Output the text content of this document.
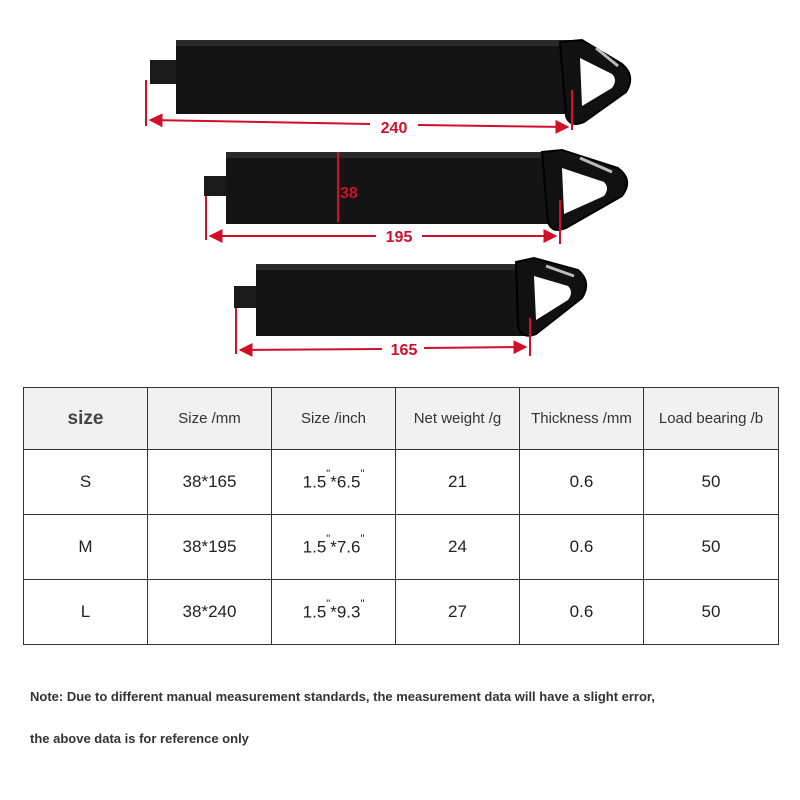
240
38
195
165
size	Size /mm	Size /inch	Net weight /g	Thickness /mm	Load bearing /b
S	38*165	1.5"*6.5"	21	0.6	50
M	38*195	1.5"*7.6"	24	0.6	50
L	38*240	1.5"*9.3"	27	0.6	50
Note: Due to different manual measurement standards, the measurement data will have a slight error,
the above data is for reference only
